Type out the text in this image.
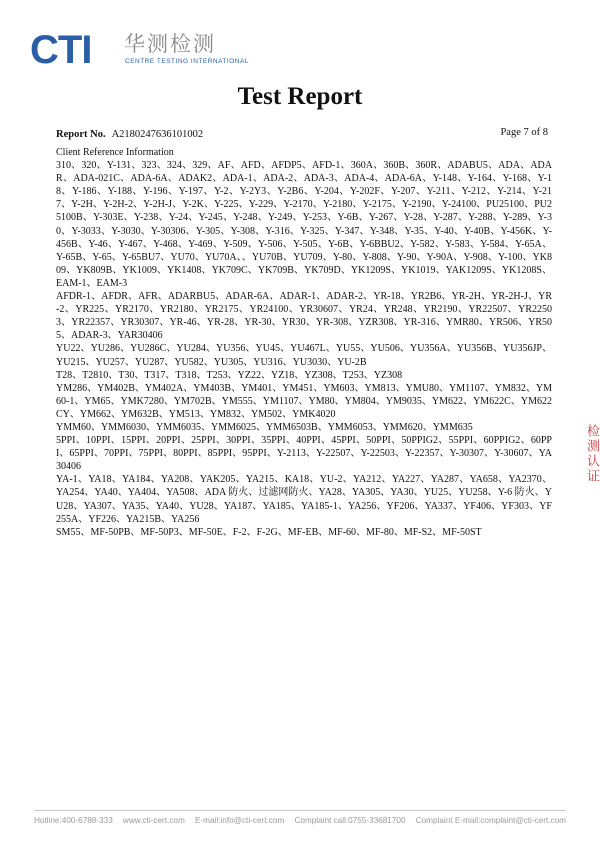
CTI 华测检测
CENTRE TESTING INTERNATIONAL
Test Report
Report No. A2180247636101002	Page 7 of 8
Client Reference Information

310、320、Y-131、323、324、329、AF、AFD、AFDP5、AFD-1、360A、360B、360R、ADABU5、ADA、ADAR、ADA-021C、ADA-6A、ADAK2、ADA-1、ADA-2、ADA-3、ADA-4、ADA-6A、Y-148、Y-164、Y-168、Y-18、Y-186、Y-188、Y-196、Y-197、Y-2、Y-2Y3、Y-2B6、Y-204、Y-202F、Y-207、Y-211、Y-212、Y-214、Y-217、Y-2H、Y-2H-2、Y-2H-J、Y-2K、Y-225、Y-229、Y-2170、Y-2180、Y-2175、Y-2190、Y-24100、PU25100、PU25100B、Y-303E、Y-238、Y-24、Y-245、Y-248、Y-249、Y-253、Y-6B、Y-267、Y-28、Y-287、Y-288、Y-289、Y-30、Y-3033、Y-3030、Y-30306、Y-305、Y-308、Y-316、Y-325、Y-347、Y-348、Y-35、Y-40、Y-40B、Y-456K、Y-456B、Y-46、Y-467、Y-468、Y-469、Y-509、Y-506、Y-505、Y-6B、Y-6BBU2、Y-582、Y-583、Y-584、Y-65A、Y-65B、Y-65、Y-65BU7、YU70、YU70A、、YU70B、YU709、Y-80、Y-808、Y-90、Y-90A、Y-908、Y-100、YK809、YK809B、YK1009、YK1408、YK709C、YK709B、YK709D、YK1209S、YK1019、YAK1209S、YK1208S、EAM-1、EAM-3

AFDR-1、AFDR、AFR、ADARBU5、ADAR-6A、ADAR-1、ADAR-2、YR-18、YR2B6、YR-2H、YR-2H-J、YR-2、YR225、YR2170、YR2180、YR2175、YR24100、YR30607、YR24、YR248、YR2190、YR22507、YR22503、YR22357、YR30307、YR-46、YR-28、YR-30、YR30、YR-308、YZR308、YR-316、YMR80、YR506、YR505、ADAR-3、YAR30406

YU22、YU286、YU286C、YU284、YU356、YU45、YU467L、YU55、YU506、YU356A、YU356B、YU356JP、YU215、YU257、YU287、YU582、YU305、YU316、YU3030、YU-2B

T28、T2810、T30、T317、T318、T253、YZ22、YZ18、YZ308、T253、YZ308

YM286、YM402B、YM402A、YM403B、YM401、YM451、YM603、YM813、YMU80、YM1107、YM832、YM60-1、YM65、YMK7280、YM702B、YM555、YM1107、YM80、YM804、YM9035、YM622、YM622C、YM622CY、YM662、YM632B、YM513、YM832、YM502、YMK4020

YMM60、YMM6030、YMM6035、YMM6025、YMM6503B、YMM6053、YMM620、YMM635

5PPI、10PPI、15PPI、20PPI、25PPI、30PPI、35PPI、40PPI、45PPI、50PPI、50PPIG2、55PPI、60PPIG2、60PPI、65PPI、70PPI、75PPI、80PPI、85PPI、95PPI、Y-2113、Y-22507、Y-22503、Y-22357、Y-30307、Y-30607、YA30406

YA-1、YA18、YA184、YA208、YAK205、YA215、KA18、YU-2、YA212、YA227、YA287、YA658、YA2370、YA254、YA40、YA404、YA508、ADA 防火、过滤网防火、YA28、YA305、YA30、YU25、YU258、Y-6 防火、YU28、YA307、YA35、YA40、YU28、YA187、YA185、YA185-1、YA256、YF206、YA337、YF406、YF303、YF255A、YF226、YA215B、YA256

SM55、MF-50PB、MF-50P3、MF-50E、F-2、F-2G、MF-EB、MF-60、MF-80、MF-S2、MF-50ST

检测认证
Hotline:400-6788-333 www.cti-cert.com E-mail:info@cti-cert.com Complaint call:0755-33681700 Complaint E-mail:complaint@cti-cert.com
